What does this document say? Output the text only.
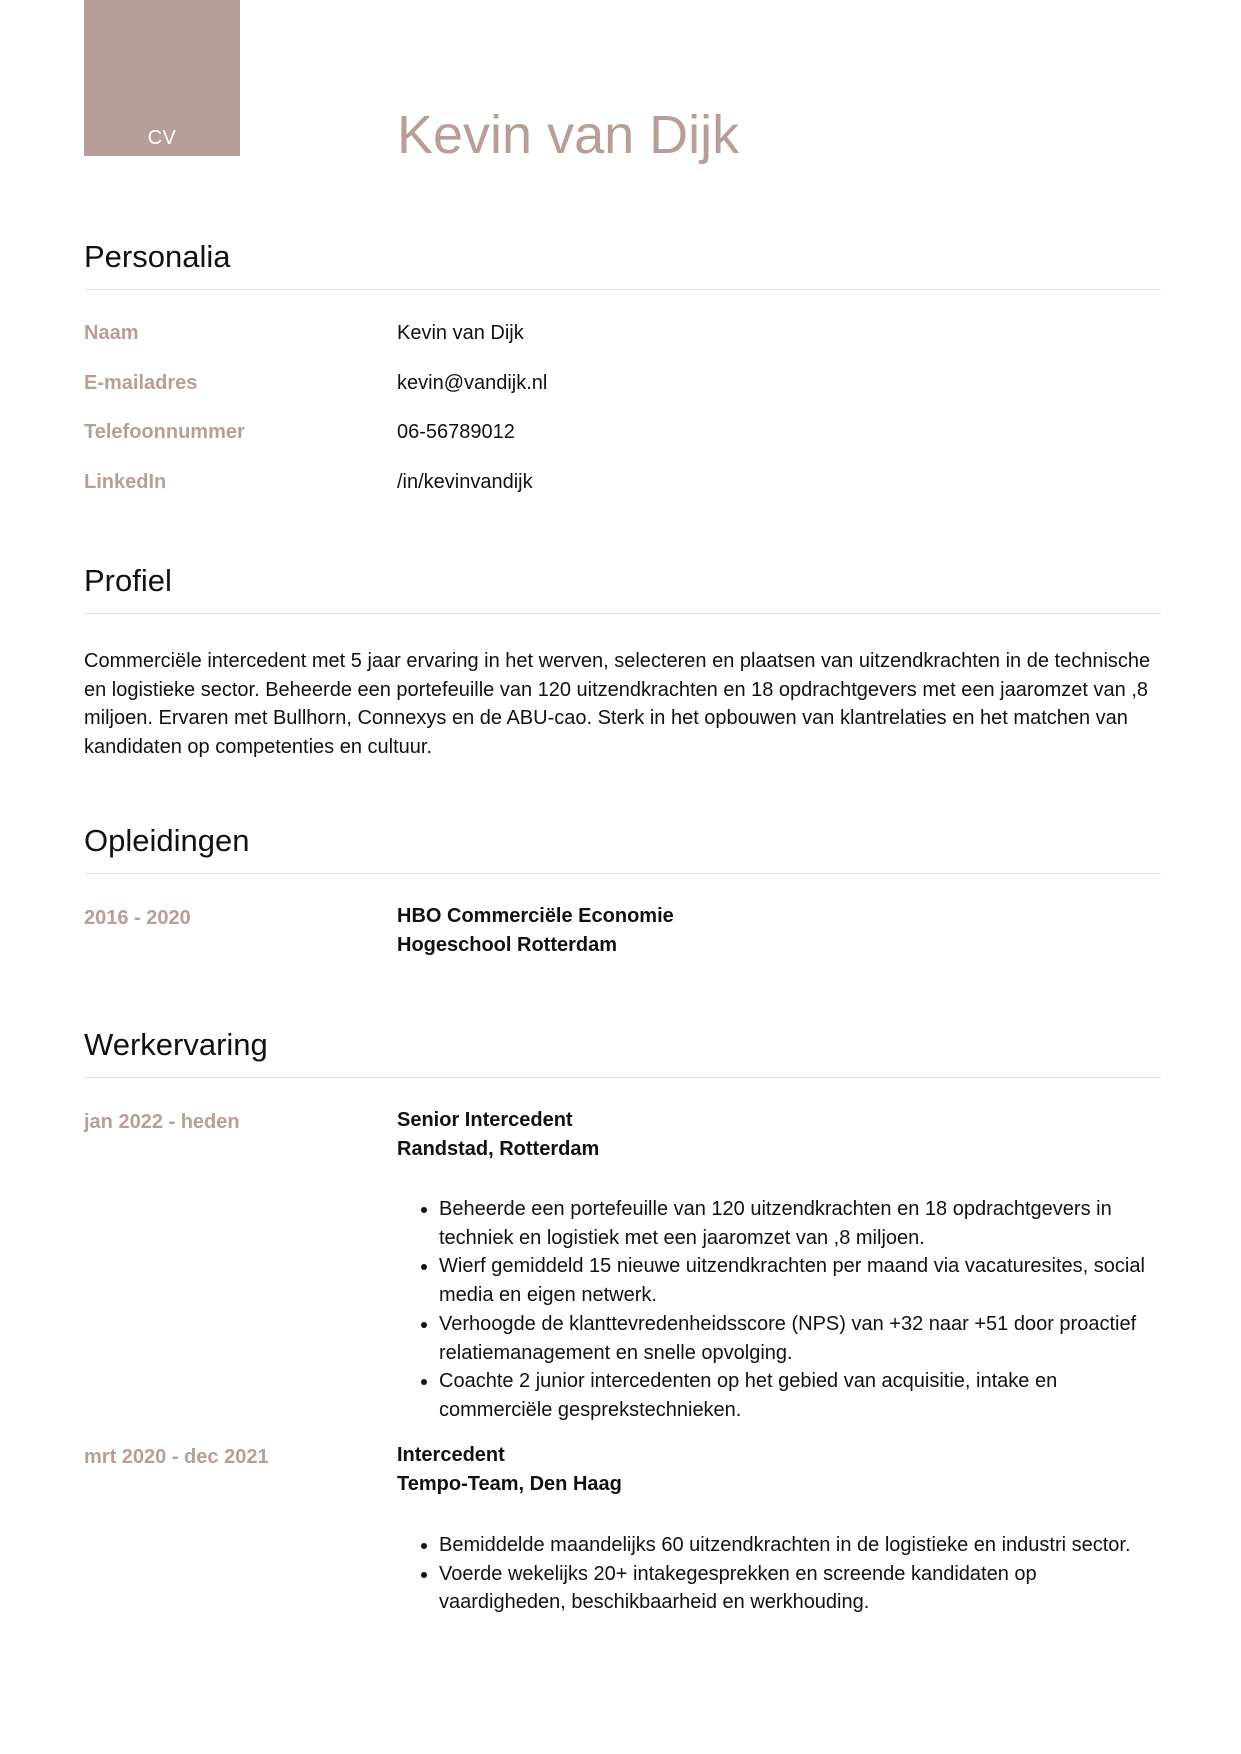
CV	Kevin van Dijk
Personalia
Naam	Kevin van Dijk
E-mailadres	kevin@vandijk.nl
Telefoonnummer	06-56789012
LinkedIn	/in/kevinvandijk
Profiel

Commerciële intercedent met 5 jaar ervaring in het werven, selecteren en plaatsen van uitzendkrachten in de technische en logistieke sector. Beheerde een portefeuille van 120 uitzendkrachten en 18 opdrachtgevers met een jaaromzet van ,8 miljoen. Ervaren met Bullhorn, Connexys en de ABU-cao. Sterk in het opbouwen van klantrelaties en het matchen van kandidaten op competenties en cultuur.

Opleidingen
2016 - 2020	HBO Commerciële Economie
Hogeschool Rotterdam
Werkervaring
jan 2022 - heden	Senior Intercedent
Randstad, Rotterdam
• Beheerde een portefeuille van 120 uitzendkrachten en 18 opdrachtgevers in techniek en logistiek met een jaaromzet van ,8 miljoen.
• Wierf gemiddeld 15 nieuwe uitzendkrachten per maand via vacaturesites, social media en eigen netwerk.
• Verhoogde de klanttevredenheidsscore (NPS) van +32 naar +51 door proactief relatiemanagement en snelle opvolging.
• Coachte 2 junior intercedenten op het gebied van acquisitie, intake en commerciële gesprekstechnieken.
mrt 2020 - dec 2021	Intercedent
Tempo-Team, Den Haag
• Bemiddelde maandelijks 60 uitzendkrachten in de logistieke en industri sector.
• Voerde wekelijks 20+ intakegesprekken en screende kandidaten op vaardigheden, beschikbaarheid en werkhouding.
